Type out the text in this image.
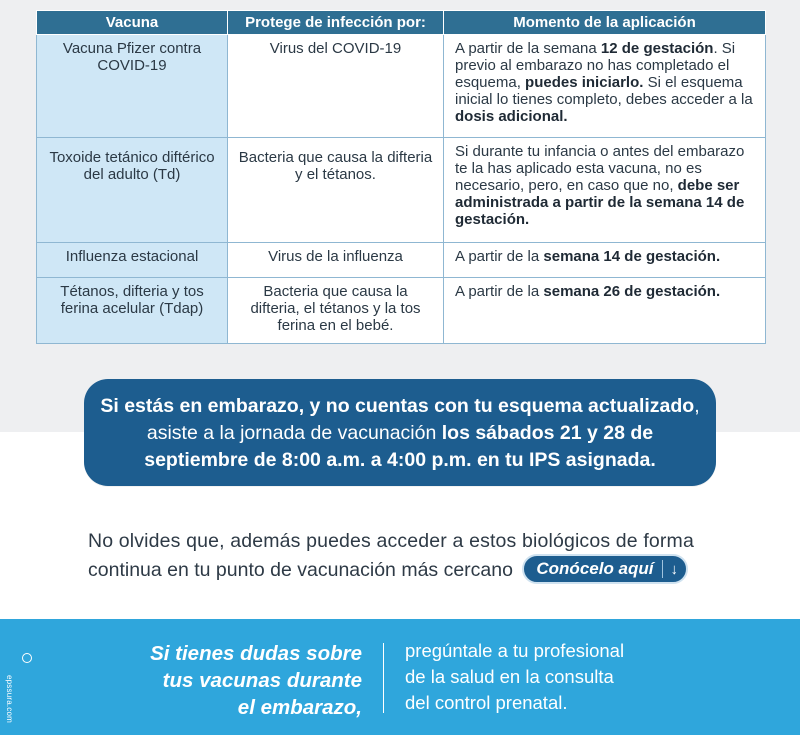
Vacuna	Protege de infección por:	Momento de la aplicación
Vacuna Pfizer contra COVID-19	Virus del COVID-19	A partir de la semana 12 de gestación. Si previo al embarazo no has completado el esquema, puedes iniciarlo. Si el esquema inicial lo tienes completo, debes acceder a la dosis adicional.
Toxoide tetánico diftérico del adulto (Td)	Bacteria que causa la difteria y el tétanos.	Si durante tu infancia o antes del embarazo te la has aplicado esta vacuna, no es necesario, pero, en caso que no, debe ser administrada a partir de la semana 14 de gestación.
Influenza estacional	Virus de la influenza	A partir de la semana 14 de gestación.
Tétanos, difteria y tos ferina acelular (Tdap)	Bacteria que causa la difteria, el tétanos y la tos ferina en el bebé.	A partir de la semana 26 de gestación.
Si estás en embarazo, y no cuentas con tu esquema actualizado,
asiste a la jornada de vacunación los sábados 21 y 28 de
septiembre de 8:00 a.m. a 4:00 p.m. en tu IPS asignada.
No olvides que, además puedes acceder a estos biológicos de forma
continua en tu punto de vacunación más cercano Conócelo aquí ↓
epssura.com
Si tienes dudas sobre
tus vacunas durante
el embarazo,
pregúntale a tu profesional
de la salud en la consulta
del control prenatal.
